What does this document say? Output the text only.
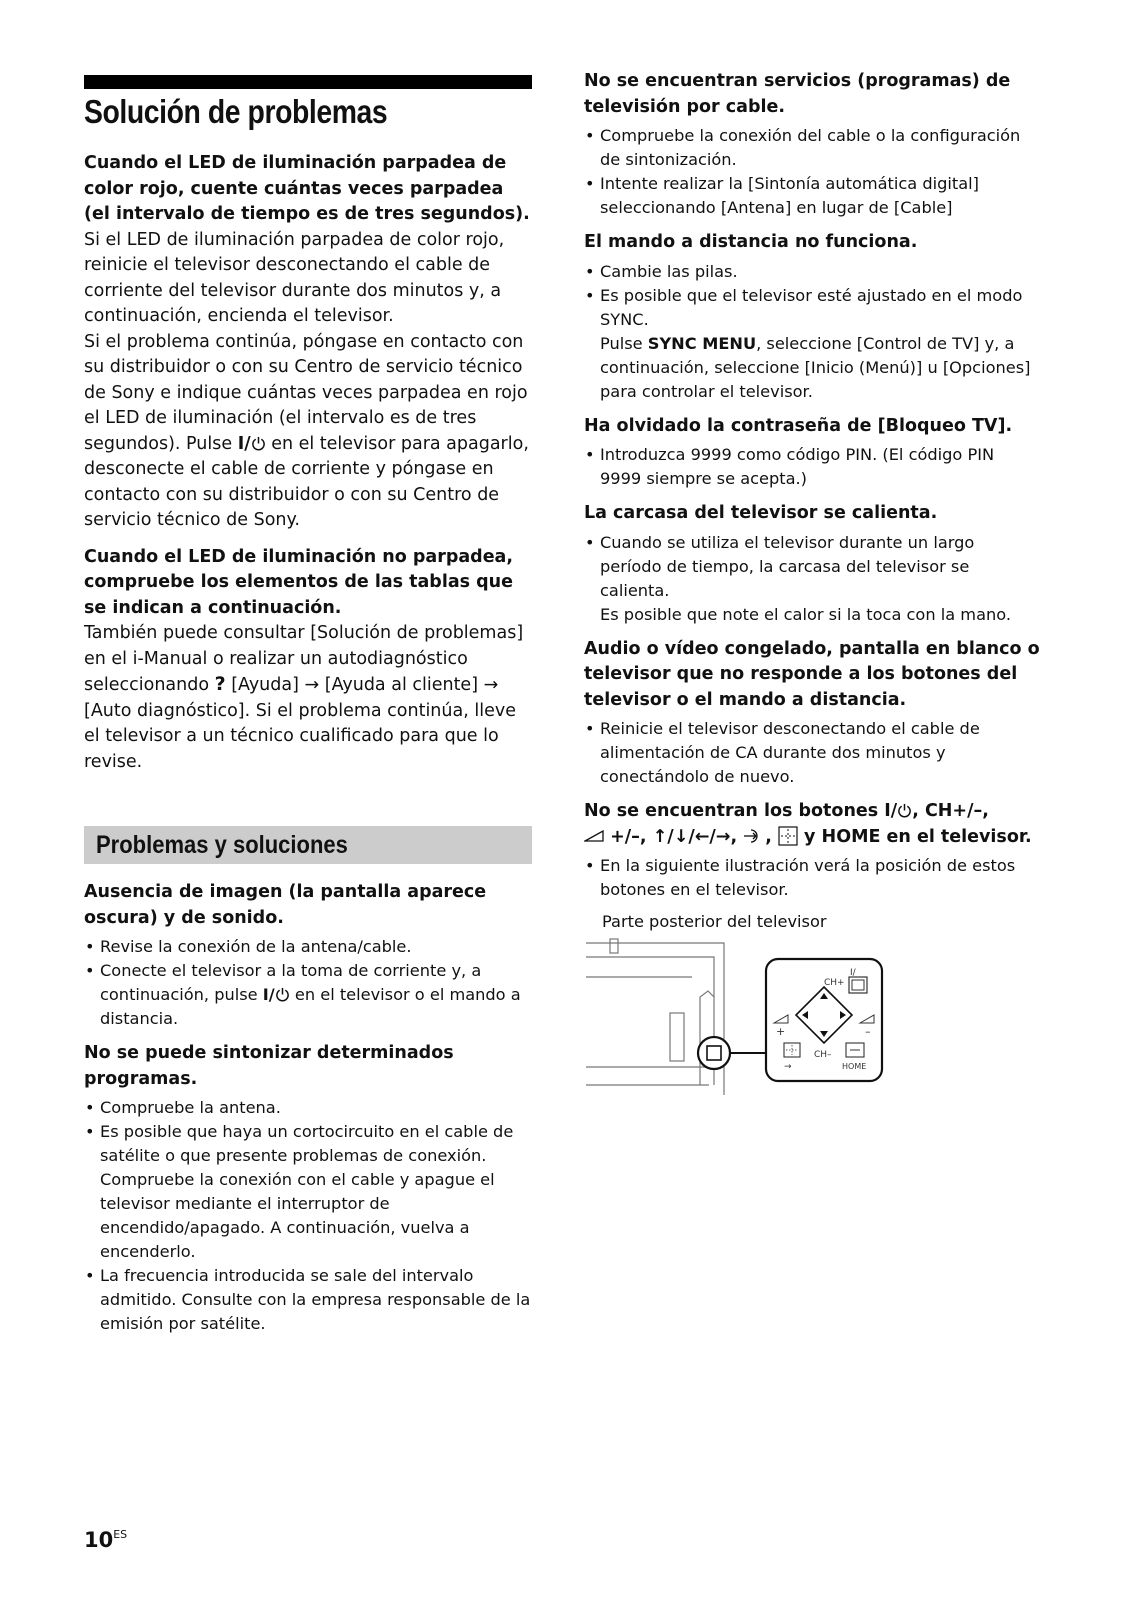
Solución de problemas

Cuando el LED de iluminación parpadea de color rojo, cuente cuántas veces parpadea (el intervalo de tiempo es de tres segundos).

Si el LED de iluminación parpadea de color rojo, reinicie el televisor desconectando el cable de corriente del televisor durante dos minutos y, a continuación, encienda el televisor.

Si el problema continúa, póngase en contacto con su distribuidor o con su Centro de servicio técnico de Sony e indique cuántas veces parpadea en rojo el LED de iluminación (el intervalo es de tres segundos). Pulse I/ en el televisor para apagarlo, desconecte el cable de corriente y póngase en contacto con su distribuidor o con su Centro de servicio técnico de Sony.

Cuando el LED de iluminación no parpadea, compruebe los elementos de las tablas que se indican a continuación.

También puede consultar [Solución de problemas] en el i-Manual o realizar un autodiagnóstico seleccionando ? [Ayuda] → [Ayuda al cliente] → [Auto diagnóstico]. Si el problema continúa, lleve el televisor a un técnico cualificado para que lo revise.

Problemas y soluciones

Ausencia de imagen (la pantalla aparece oscura) y de sonido.

• Revise la conexión de la antena/cable.
• Conecte el televisor a la toma de corriente y, a continuación, pulse I/ en el televisor o el mando a distancia.

No se puede sintonizar determinados programas.

• Compruebe la antena.
• Es posible que haya un cortocircuito en el cable de satélite o que presente problemas de conexión. Compruebe la conexión con el cable y apague el televisor mediante el interruptor de encendido/apagado. A continuación, vuelva a encenderlo.
• La frecuencia introducida se sale del intervalo admitido. Consulte con la empresa responsable de la emisión por satélite.

No se encuentran servicios (programas) de televisión por cable.

• Compruebe la conexión del cable o la configuración de sintonización.
• Intente realizar la [Sintonía automática digital] seleccionando [Antena] en lugar de [Cable]

El mando a distancia no funciona.

• Cambie las pilas.
• Es posible que el televisor esté ajustado en el modo SYNC.
Pulse SYNC MENU, seleccione [Control de TV] y, a continuación, seleccione [Inicio (Menú)] u [Opciones] para controlar el televisor.

Ha olvidado la contraseña de [Bloqueo TV].

• Introduzca 9999 como código PIN. (El código PIN 9999 siempre se acepta.)

La carcasa del televisor se calienta.

• Cuando se utiliza el televisor durante un largo período de tiempo, la carcasa del televisor se calienta.
Es posible que note el calor si la toca con la mano.

Audio o vídeo congelado, pantalla en blanco o televisor que no responde a los botones del televisor o el mando a distancia.

• Reinicie el televisor desconectando el cable de alimentación de CA durante dos minutos y conectándolo de nuevo.

No se encuentran los botones I/ , CH+/–,
+/–, ↑/↓/←/→, ,  y HOME en el televisor.

• En la siguiente ilustración verá la posición de estos botones en el televisor.
Parte posterior del televisor
CH+
I/
+	–
→
CH–
HOME
$10^{ES}$
